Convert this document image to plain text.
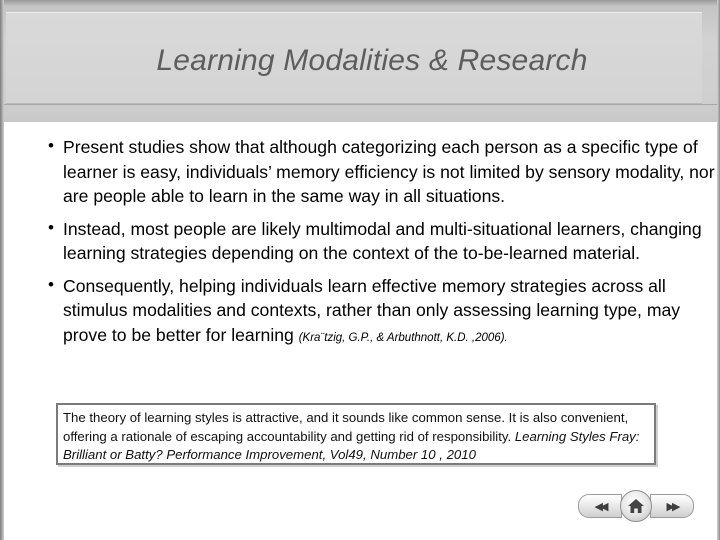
Learning Modalities & Research
• Present studies show that although categorizing each person as a specific type of learner is easy, individuals’ memory efficiency is not limited by sensory modality, nor are people able to learn in the same way in all situations.
• Instead, most people are likely multimodal and multi-situational learners, changing learning strategies depending on the context of the to-be-learned material.
• Consequently, helping individuals learn effective memory strategies across all stimulus modalities and contexts, rather than only assessing learning type, may prove to be better for learning (Kra¨tzig, G.P., & Arbuthnott, K.D. ,2006).
The theory of learning styles is attractive, and it sounds like common sense. It is also convenient, offering a rationale of escaping accountability and getting rid of responsibility. Learning Styles Fray: Brilliant or Batty? Performance Improvement, Vol49, Number 10 , 2010
◀◀	▶▶
